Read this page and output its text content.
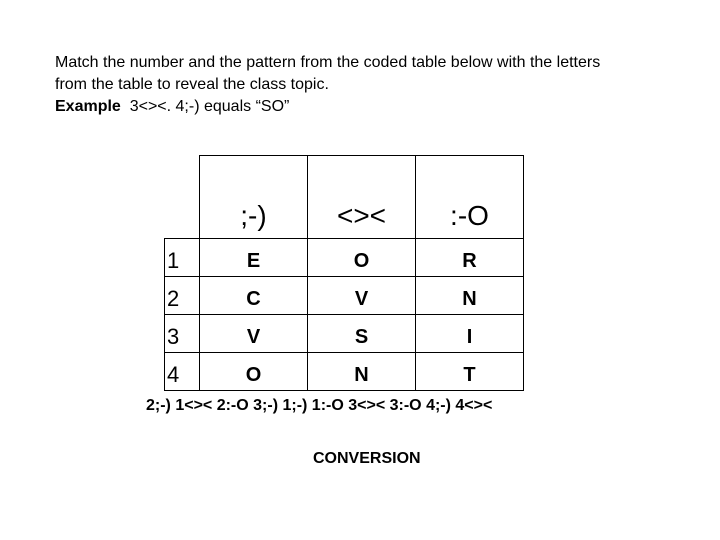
Match the number and the pattern from the coded table below with the letters
from the table to reveal the class topic.
Example 3<><. 4;-) equals “SO”
	;-)	<><	:-O
1	E	O	R
2	C	V	N
3	V	S	I
4	O	N	T
2;-) 1<>< 2:-O 3;-) 1;-) 1:-O 3<>< 3:-O 4;-) 4<><
CONVERSION
